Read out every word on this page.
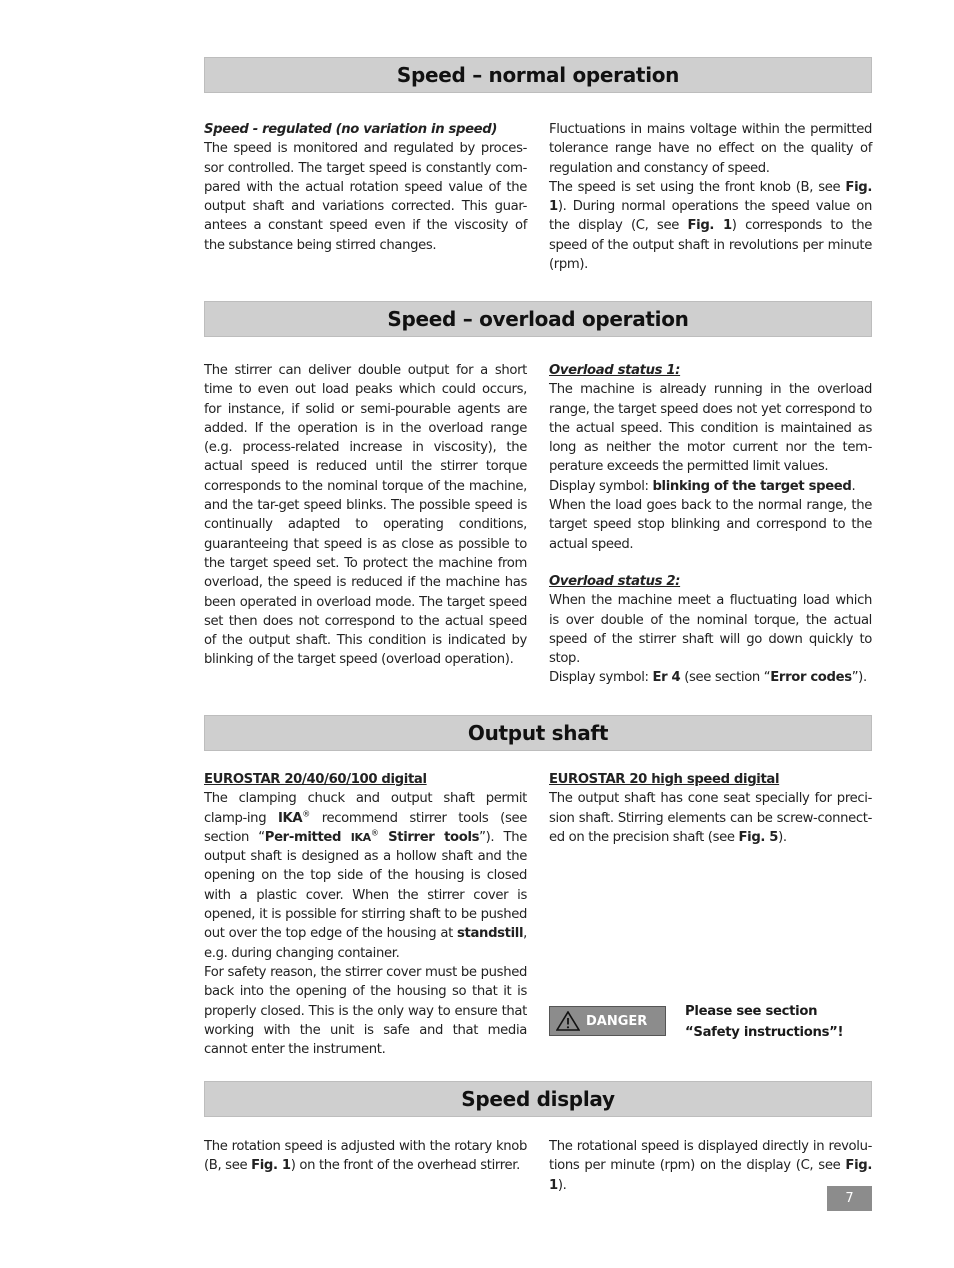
Speed – normal operation

Speed - regulated (no variation in speed)

The speed is monitored and regulated by proces-sor controlled. The target speed is constantly com-pared with the actual rotation speed value of the output shaft and variations corrected. This guar-antees a constant speed even if the viscosity of the substance being stirred changes.

Fluctuations in mains voltage within the permitted tolerance range have no effect on the quality of regulation and constancy of speed.

The speed is set using the front knob (B, see Fig. 1). During normal operations the speed value on the display (C, see Fig. 1) corresponds to the speed of the output shaft in revolutions per minute (rpm).

Speed – overload operation

The stirrer can deliver double output for a short time to even out load peaks which could occurs, for instance, if solid or semi-pourable agents are added. If the operation is in the overload range (e.g. process-related increase in viscosity), the actual speed is reduced until the stirrer torque corresponds to the nominal torque of the machine, and the tar-get speed blinks. The possible speed is continually adapted to operating conditions, guaranteeing that speed is as close as possible to the target speed set. To protect the machine from overload, the speed is reduced if the machine has been operated in overload mode. The target speed set then does not correspond to the actual speed of the output shaft. This condition is indicated by blinking of the target speed (overload operation).

Overload status 1:

The machine is already running in the overload range, the target speed does not yet correspond to the actual speed. This condition is maintained as long as neither the motor current nor the tem-perature exceeds the permitted limit values.

Display symbol: blinking of the target speed.

When the load goes back to the normal range, the target speed stop blinking and correspond to the actual speed.

Overload status 2:

When the machine meet a fluctuating load which is over double of the nominal torque, the actual speed of the stirrer shaft will go down quickly to stop.

Display symbol: Er 4 (see section “Error codes”).

Output shaft

EUROSTAR 20/40/60/100 digital

The clamping chuck and output shaft permit clamp-ing IKA® recommend stirrer tools (see section “Per-mitted IKA® Stirrer tools”). The output shaft is designed as a hollow shaft and the opening on the top side of the housing is closed with a plastic cover. When the stirrer cover is opened, it is possible for stirring shaft to be pushed out over the top edge of the housing at standstill, e.g. during changing container.

For safety reason, the stirrer cover must be pushed back into the opening of the housing so that it is properly closed. This is the only way to ensure that working with the unit is safe and that media cannot enter the instrument.

EUROSTAR 20 high speed digital

The output shaft has cone seat specially for preci-sion shaft. Stirring elements can be screw-connect-ed on the precision shaft (see Fig. 5).

DANGER
Please see section “Safety instructions”!
Speed display

The rotation speed is adjusted with the rotary knob (B, see Fig. 1) on the front of the overhead stirrer.

The rotational speed is displayed directly in revolu-tions per minute (rpm) on the display (C, see Fig. 1).

7
